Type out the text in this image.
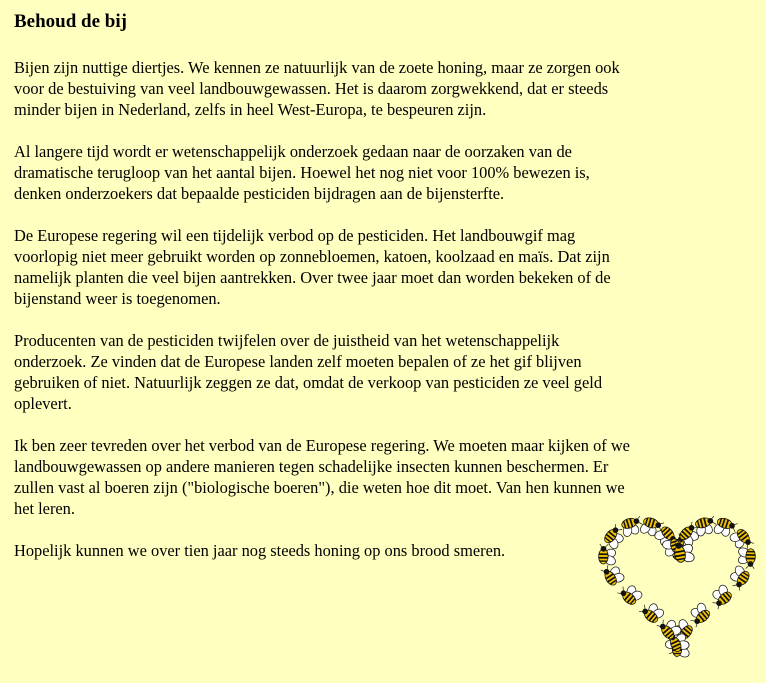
Behoud de bij
Bijen zijn nuttige diertjes. We kennen ze natuurlijk van de zoete honing, maar ze zorgen ook
voor de bestuiving van veel landbouwgewassen. Het is daarom zorgwekkend, dat er steeds
minder bijen in Nederland, zelfs in heel West-Europa, te bespeuren zijn.
Al langere tijd wordt er wetenschappelijk onderzoek gedaan naar de oorzaken van de
dramatische terugloop van het aantal bijen. Hoewel het nog niet voor 100% bewezen is,
denken onderzoekers dat bepaalde pesticiden bijdragen aan de bijensterfte.
De Europese regering wil een tijdelijk verbod op de pesticiden. Het landbouwgif mag
voorlopig niet meer gebruikt worden op zonnebloemen, katoen, koolzaad en maïs. Dat zijn
namelijk planten die veel bijen aantrekken. Over twee jaar moet dan worden bekeken of de
bijenstand weer is toegenomen.
Producenten van de pesticiden twijfelen over de juistheid van het wetenschappelijk
onderzoek. Ze vinden dat de Europese landen zelf moeten bepalen of ze het gif blijven
gebruiken of niet. Natuurlijk zeggen ze dat, omdat de verkoop van pesticiden ze veel geld
oplevert.
Ik ben zeer tevreden over het verbod van de Europese regering. We moeten maar kijken of we
landbouwgewassen op andere manieren tegen schadelijke insecten kunnen beschermen. Er
zullen vast al boeren zijn ("biologische boeren"), die weten hoe dit moet. Van hen kunnen we
het leren.
Hopelijk kunnen we over tien jaar nog steeds honing op ons brood smeren.
